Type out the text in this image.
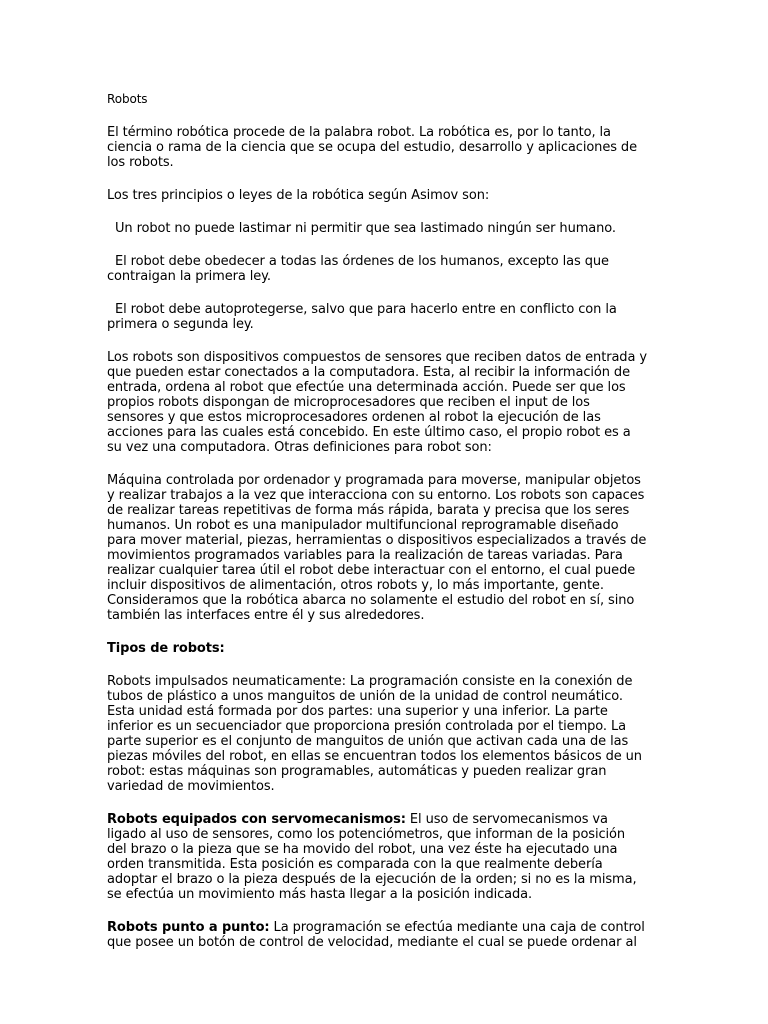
Robots

El término robótica procede de la palabra robot. La robótica es, por lo tanto, la ciencia o rama de la ciencia que se ocupa del estudio, desarrollo y aplicaciones de los robots.

Los tres principios o leyes de la robótica según Asimov son:

Un robot no puede lastimar ni permitir que sea lastimado ningún ser humano.

El robot debe obedecer a todas las órdenes de los humanos, excepto las que contraigan la primera ley.

El robot debe autoprotegerse, salvo que para hacerlo entre en conflicto con la primera o segunda ley.

Los robots son dispositivos compuestos de sensores que reciben datos de entrada y que pueden estar conectados a la computadora. Esta, al recibir la información de entrada, ordena al robot que efectúe una determinada acción. Puede ser que los propios robots dispongan de microprocesadores que reciben el input de los sensores y que estos microprocesadores ordenen al robot la ejecución de las acciones para las cuales está concebido. En este último caso, el propio robot es a su vez una computadora. Otras definiciones para robot son:

Máquina controlada por ordenador y programada para moverse, manipular objetos y realizar trabajos a la vez que interacciona con su entorno. Los robots son capaces de realizar tareas repetitivas de forma más rápida, barata y precisa que los seres humanos. Un robot es una manipulador multifuncional reprogramable diseñado para mover material, piezas, herramientas o dispositivos especializados a través de movimientos programados variables para la realización de tareas variadas. Para realizar cualquier tarea útil el robot debe interactuar con el entorno, el cual puede incluir dispositivos de alimentación, otros robots y, lo más importante, gente. Consideramos que la robótica abarca no solamente el estudio del robot en sí, sino también las interfaces entre él y sus alrededores.

Tipos de robots:

Robots impulsados neumaticamente: La programación consiste en la conexión de tubos de plástico a unos manguitos de unión de la unidad de control neumático. Esta unidad está formada por dos partes: una superior y una inferior. La parte inferior es un secuenciador que proporciona presión controlada por el tiempo. La parte superior es el conjunto de manguitos de unión que activan cada una de las piezas móviles del robot, en ellas se encuentran todos los elementos básicos de un robot: estas máquinas son programables, automáticas y pueden realizar gran variedad de movimientos.

Robots equipados con servomecanismos: El uso de servomecanismos va ligado al uso de sensores, como los potenciómetros, que informan de la posición del brazo o la pieza que se ha movido del robot, una vez éste ha ejecutado una orden transmitida. Esta posición es comparada con la que realmente debería adoptar el brazo o la pieza después de la ejecución de la orden; si no es la misma, se efectúa un movimiento más hasta llegar a la posición indicada.

Robots punto a punto: La programación se efectúa mediante una caja de control que posee un botón de control de velocidad, mediante el cual se puede ordenar al
